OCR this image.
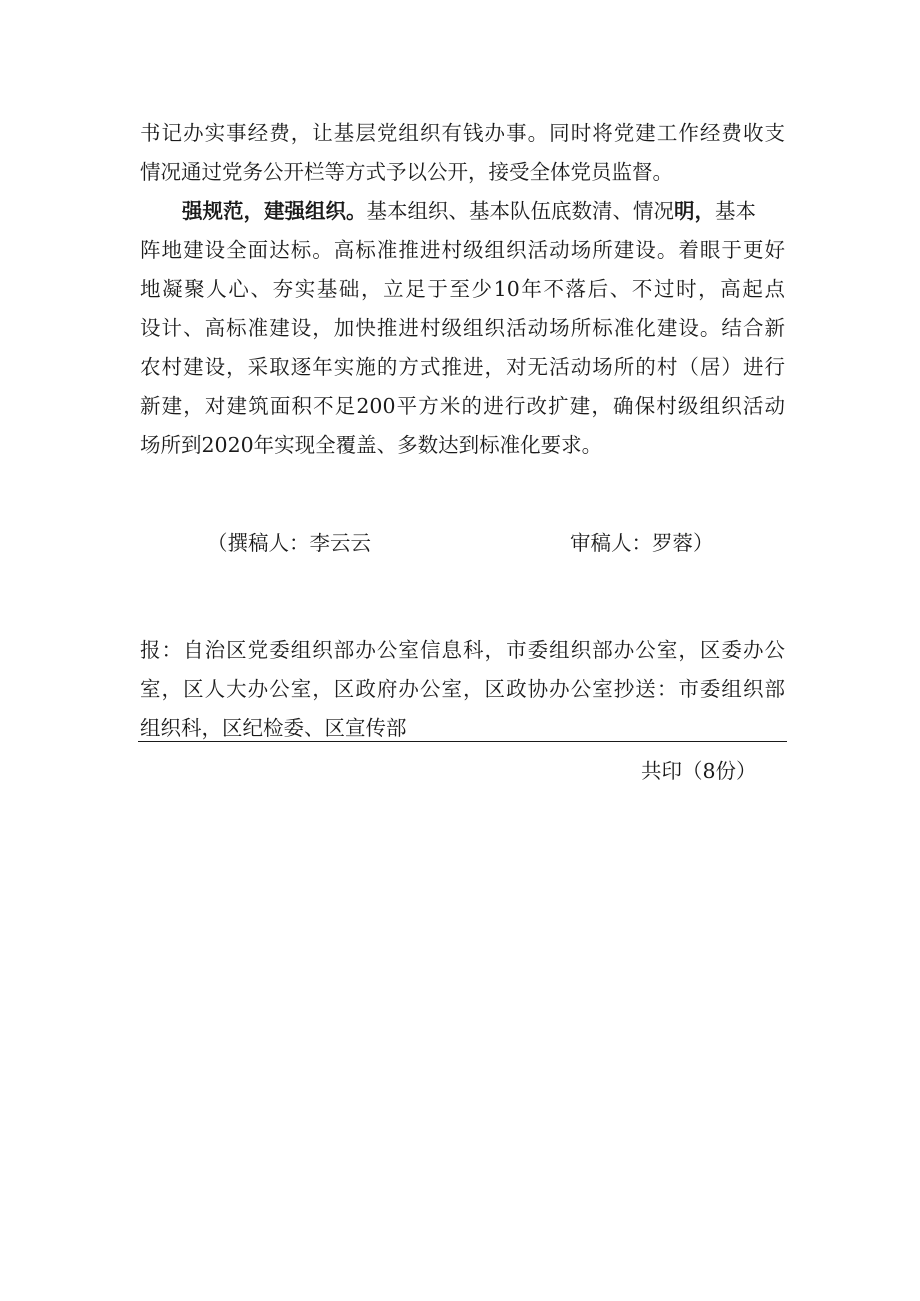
书记办实事经费，让基层党组织有钱办事。同时将党建工作经费收支
情况通过党务公开栏等方式予以公开，接受全体党员监督。
强规范，建强组织。基本组织、基本队伍底数清、情况明，基本
阵地建设全面达标。高标准推进村级组织活动场所建设。着眼于更好
地凝聚人心、夯实基础，立足于至少10年不落后、不过时，高起点
设计、高标准建设，加快推进村级组织活动场所标准化建设。结合新
农村建设，采取逐年实施的方式推进，对无活动场所的村（居）进行
新建，对建筑面积不足200平方米的进行改扩建，确保村级组织活动
场所到2020年实现全覆盖、多数达到标准化要求。
（撰稿人：李云云	审稿人：罗蓉）
报：自治区党委组织部办公室信息科，市委组织部办公室，区委办公
室，区人大办公室，区政府办公室，区政协办公室抄送：市委组织部
组织科，区纪检委、区宣传部
共印（8份）
